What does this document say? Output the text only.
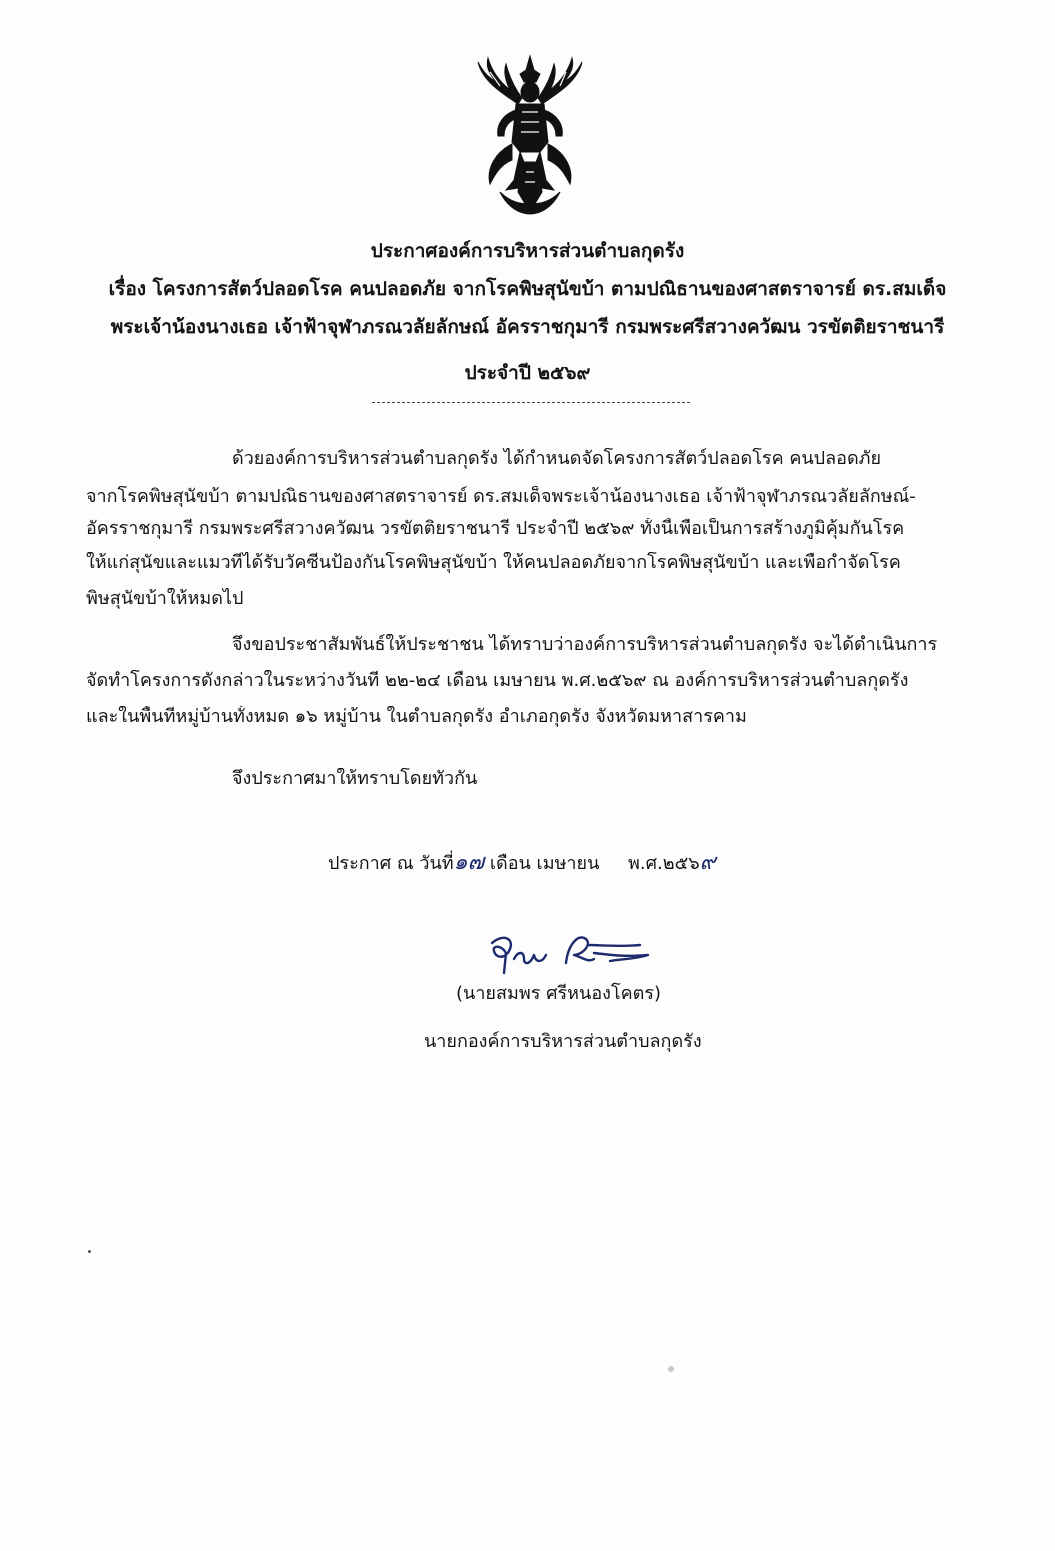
ประกาศองค์การบริหารส่วนตำบลกุดรัง
เรื่อง โครงการสัตว์ปลอดโรค คนปลอดภัย จากโรคพิษสุนัขบ้า ตามปณิธานของศาสตราจารย์ ดร.สมเด็จ
พระเจ้าน้องนางเธอ เจ้าฟ้าจุฬาภรณวลัยลักษณ์ อัครราชกุมารี กรมพระศรีสวางควัฒน วรขัตติยราชนารี
ประจำปี ๒๕๖๙
ด้วยองค์การบริหารส่วนตำบลกุดรัง ได้กำหนดจัดโครงการสัตว์ปลอดโรค คนปลอดภัย
จากโรคพิษสุนัขบ้า ตามปณิธานของศาสตราจารย์ ดร.สมเด็จพระเจ้าน้องนางเธอ เจ้าฟ้าจุฬาภรณวลัยลักษณ์-
อัครราชกุมารี กรมพระศรีสวางควัฒน วรขัตติยราชนารี ประจำปี ๒๕๖๙ ทั้งนี้เพื่อเป็นการสร้างภูมิคุ้มกันโรค
ให้แก่สุนัขและแมวที่ได้รับวัคซีนป้องกันโรคพิษสุนัขบ้า ให้คนปลอดภัยจากโรคพิษสุนัขบ้า และเพื่อกำจัดโรค
พิษสุนัขบ้าให้หมดไป
จึงขอประชาสัมพันธ์ให้ประชาชน ได้ทราบว่าองค์การบริหารส่วนตำบลกุดรัง จะได้ดำเนินการ
จัดทำโครงการดังกล่าวในระหว่างวันที่ ๒๒-๒๔ เดือน เมษายน พ.ศ.๒๕๖๙ ณ องค์การบริหารส่วนตำบลกุดรัง
และในพื้นที่หมู่บ้านทั้งหมด ๑๖ หมู่บ้าน ในตำบลกุดรัง อำเภอกุดรัง จังหวัดมหาสารคาม
จึงประกาศมาให้ทราบโดยทั่วกัน
ประกาศ ณ วันที่๑๗ เดือน เมษายน พ.ศ.๒๕๖๙
(นายสมพร ศรีหนองโคตร)
นายกองค์การบริหารส่วนตำบลกุดรัง
